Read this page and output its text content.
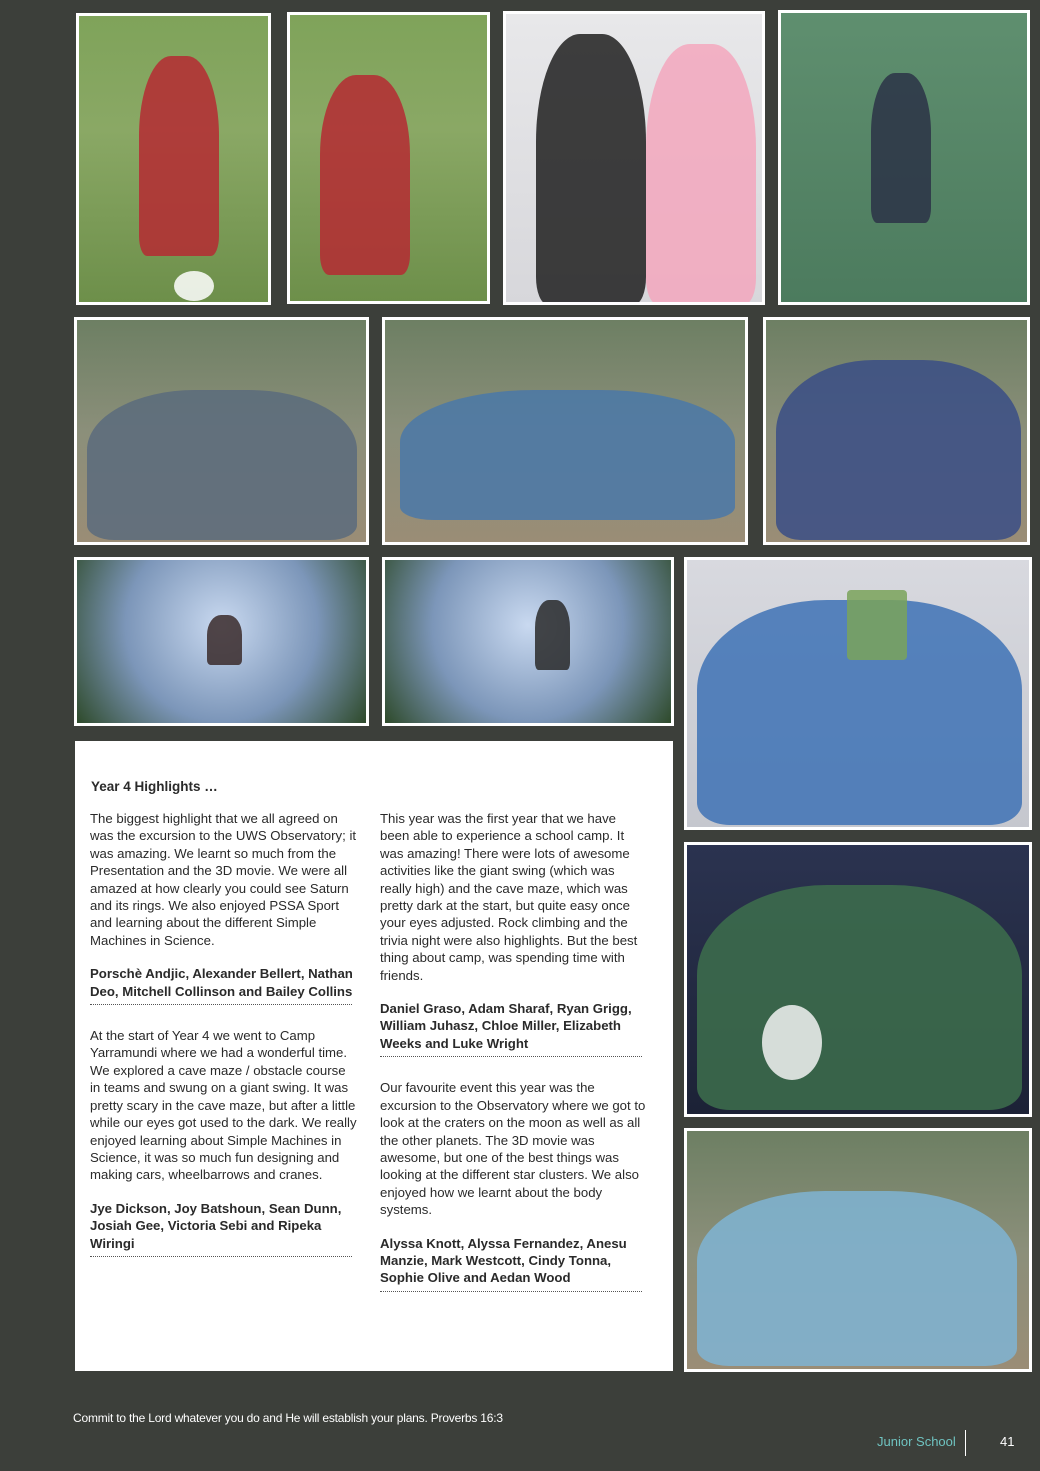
Year 4 Highlights …

The biggest highlight that we all agreed on was the excursion to the UWS Observatory; it was amazing. We learnt so much from the Presentation and the 3D movie. We were all amazed at how clearly you could see Saturn and its rings. We also enjoyed PSSA Sport and learning about the different Simple Machines in Science.

Porschè Andjic, Alexander Bellert, Nathan Deo, Mitchell Collinson and Bailey Collins

At the start of Year 4 we went to Camp Yarramundi where we had a wonderful time. We explored a cave maze / obstacle course in teams and swung on a giant swing. It was pretty scary in the cave maze, but after a little while our eyes got used to the dark. We really enjoyed learning about Simple Machines in Science, it was so much fun designing and making cars, wheelbarrows and cranes.

Jye Dickson, Joy Batshoun, Sean Dunn, Josiah Gee, Victoria Sebi and Ripeka Wiringi

This year was the first year that we have been able to experience a school camp. It was amazing! There were lots of awesome activities like the giant swing (which was really high) and the cave maze, which was pretty dark at the start, but quite easy once your eyes adjusted. Rock climbing and the trivia night were also highlights. But the best thing about camp, was spending time with friends.

Daniel Graso, Adam Sharaf, Ryan Grigg, William Juhasz, Chloe Miller, Elizabeth Weeks and Luke Wright

Our favourite event this year was the excursion to the Observatory where we got to look at the craters on the moon as well as all the other planets. The 3D movie was awesome, but one of the best things was looking at the different star clusters. We also enjoyed how we learnt about the body systems.

Alyssa Knott, Alyssa Fernandez, Anesu Manzie, Mark Westcott, Cindy Tonna, Sophie Olive and Aedan Wood

Commit to the Lord whatever you do and He will establish your plans. Proverbs 16:3
Junior School	41
